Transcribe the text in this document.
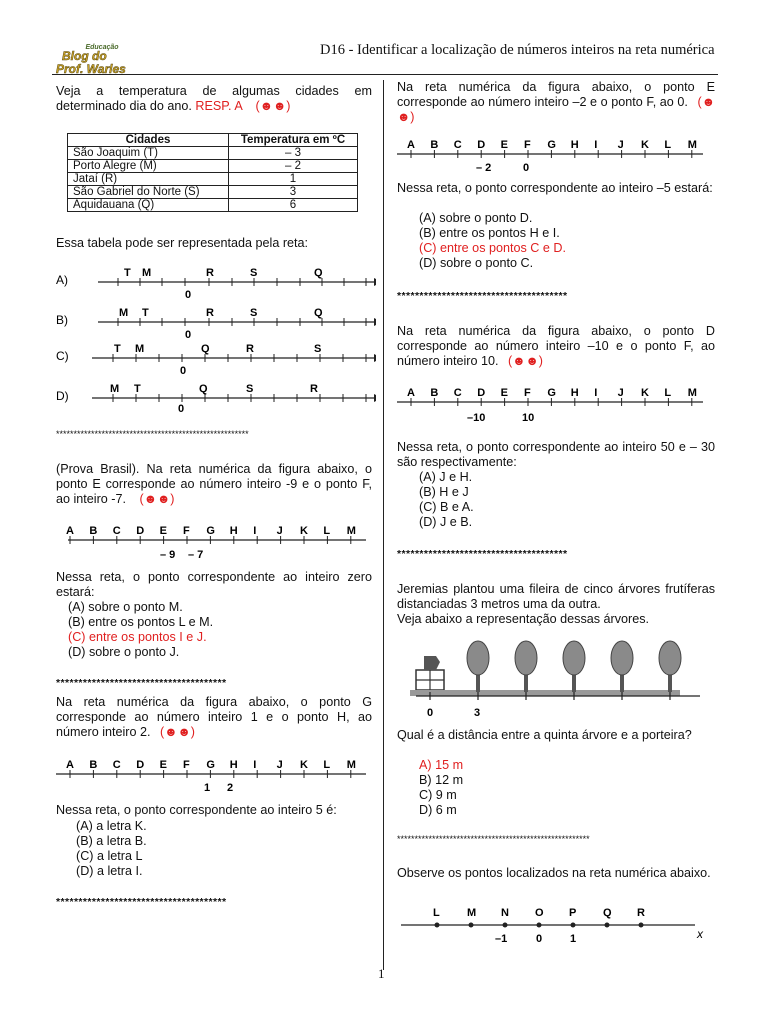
Educação
Blog do
Prof. Warles
D16 - Identificar a localização de números inteiros na reta numérica
Veja a temperatura de algumas cidades em determinado dia do ano. RESP. A (☻☻)
Cidades	Temperatura em ºC
São Joaquim (T)	– 3
Porto Alegre (M)	– 2
Jataí (R)	1
São Gabriel do Norte (S)	3
Aquidauana (Q)	6
Essa tabela pode ser representada pela reta:
A)	T M	R	S	Q
0
B)	M T	R	S	Q
0
C)	T M	Q	R	S
0
D)	M T	Q	S	R
0
*******************************************************
(Prova Brasil). Na reta numérica da figura abaixo, o ponto E corresponde ao número inteiro -9 e o ponto F, ao inteiro -7. (☻☻)
A B C D E F G H I J K L M
– 9 – 7
Nessa reta, o ponto correspondente ao inteiro zero estará:
(A) sobre o ponto M.
(B) entre os pontos L e M.
(C) entre os pontos I e J.
(D) sobre o ponto J.
**************************************
Na reta numérica da figura abaixo, o ponto G corresponde ao número inteiro 1 e o ponto H, ao número inteiro 2. (☻☻)
A B C D E F G H I J K L M
1 2
Nessa reta, o ponto correspondente ao inteiro 5 é:
(A) a letra K.
(B) a letra B.
(C) a letra L
(D) a letra I.
**************************************
Na reta numérica da figura abaixo, o ponto E corresponde ao número inteiro –2 e o ponto F, ao 0. (☻☻)
A B C D E F G H I J K L M
– 2	0
Nessa reta, o ponto correspondente ao inteiro –5 estará:
(A) sobre o ponto D.
(B) entre os pontos H e I.
(C) entre os pontos C e D.
(D) sobre o ponto C.
**************************************
Na reta numérica da figura abaixo, o ponto D corresponde ao número inteiro –10 e o ponto F, ao número inteiro 10. (☻☻)
A B C D E F G H I J K L M
–10	10
Nessa reta, o ponto correspondente ao inteiro 50 e – 30 são respectivamente:
(A) J e H.
(B) H e J
(C) B e A.
(D) J e B.
**************************************
Jeremias plantou uma fileira de cinco árvores frutíferas distanciadas 3 metros uma da outra.
Veja abaixo a representação dessas árvores.
0	3
Qual é a distância entre a quinta árvore e a porteira?
A) 15 m
B) 12 m
C) 9 m
D) 6 m
*******************************************************
Observe os pontos localizados na reta numérica abaixo.
L M N O P Q R
x
–1	0	1
1
